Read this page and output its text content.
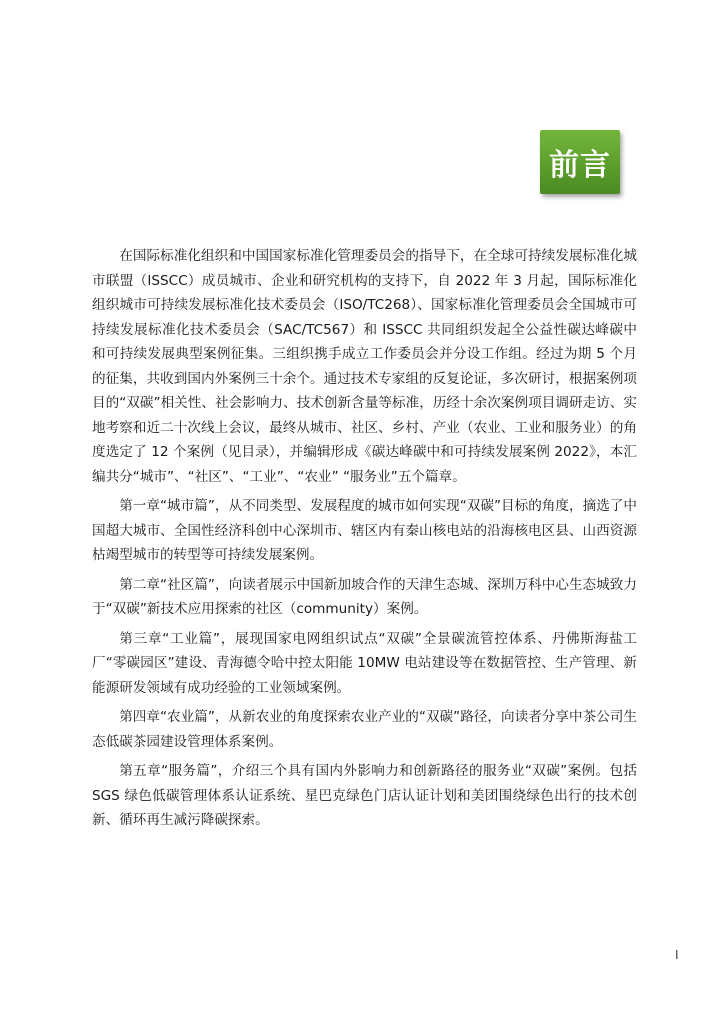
前言

在国际标准化组织和中国国家标准化管理委员会的指导下，在全球可持续发展标准化城市联盟（ISSCC）成员城市、企业和研究机构的支持下，自 2022 年 3 月起，国际标准化组织城市可持续发展标准化技术委员会（ISO/TC268）、国家标准化管理委员会全国城市可持续发展标准化技术委员会（SAC/TC567）和 ISSCC 共同组织发起全公益性碳达峰碳中和可持续发展典型案例征集。三组织携手成立工作委员会并分设工作组。经过为期 5 个月的征集，共收到国内外案例三十余个。通过技术专家组的反复论证，多次研讨，根据案例项目的“双碳”相关性、社会影响力、技术创新含量等标准，历经十余次案例项目调研走访、实地考察和近二十次线上会议，最终从城市、社区、乡村、产业（农业、工业和服务业）的角度选定了 12 个案例（见目录），并编辑形成《碳达峰碳中和可持续发展案例 2022》，本汇编共分“城市”、“社区”、“工业”、“农业” “服务业”五个篇章。

第一章“城市篇”，从不同类型、发展程度的城市如何实现“双碳”目标的角度，摘选了中国超大城市、全国性经济科创中心深圳市、辖区内有秦山核电站的沿海核电区县、山西资源枯竭型城市的转型等可持续发展案例。

第二章“社区篇”，向读者展示中国新加坡合作的天津生态城、深圳万科中心生态城致力于“双碳”新技术应用探索的社区（community）案例。

第三章“工业篇”，展现国家电网组织试点“双碳”全景碳流管控体系、丹佛斯海盐工厂“零碳园区”建设、青海德令哈中控太阳能 10MW 电站建设等在数据管控、生产管理、新能源研发领域有成功经验的工业领域案例。

第四章“农业篇”，从新农业的角度探索农业产业的“双碳”路径，向读者分享中茶公司生态低碳茶园建设管理体系案例。

第五章“服务篇”，介绍三个具有国内外影响力和创新路径的服务业“双碳”案例。包括 SGS 绿色低碳管理体系认证系统、星巴克绿色门店认证计划和美团围绕绿色出行的技术创新、循环再生减污降碳探索。

I
